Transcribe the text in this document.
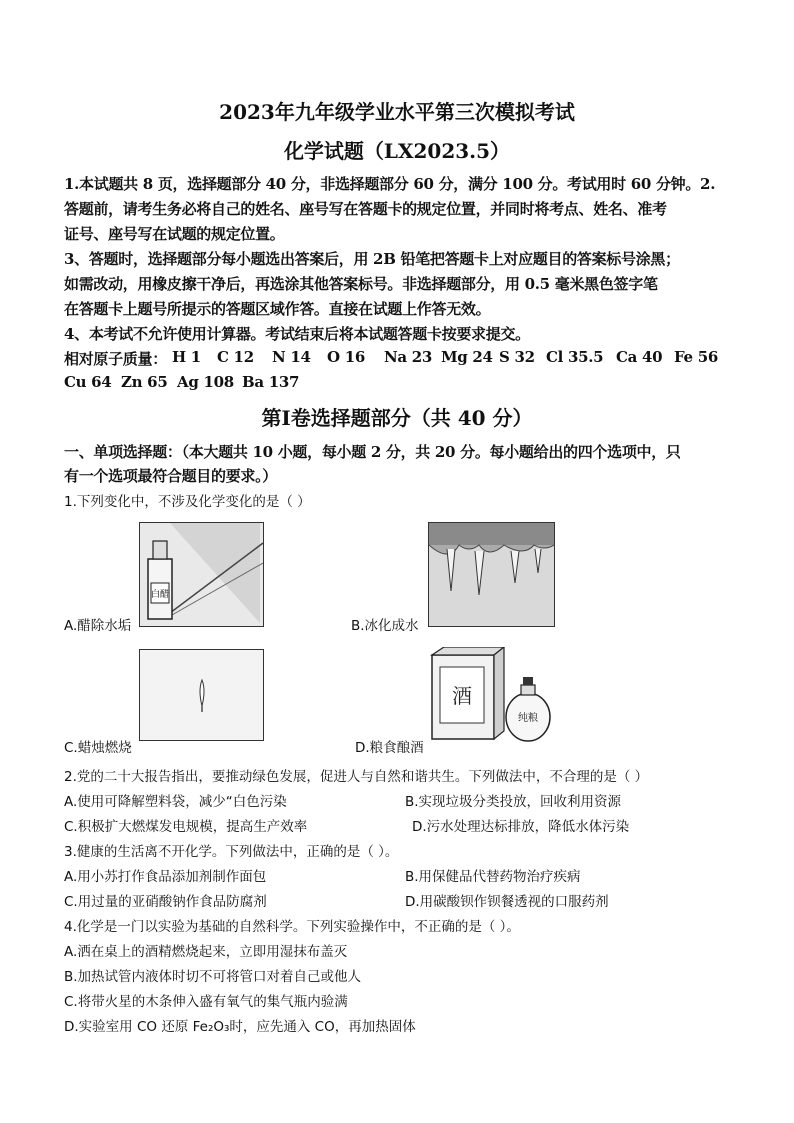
2023年九年级学业水平第三次模拟考试
化学试题（LX2023.5）
1.本试题共 8 页，选择题部分 40 分，非选择题部分 60 分，满分 100 分。考试用时 60 分钟。2.
答题前，请考生务必将自己的姓名、座号写在答题卡的规定位置，并同时将考点、姓名、准考
证号、座号写在试题的规定位置。
3、答题时，选择题部分每小题选出答案后，用 2B 铅笔把答题卡上对应题目的答案标号涂黑；
如需改动，用橡皮擦干净后，再选涂其他答案标号。非选择题部分，用 0.5 毫米黑色签字笔
在答题卡上题号所提示的答题区域作答。直接在试题上作答无效。
4、本考试不允许使用计算器。考试结束后将本试题答题卡按要求提交。
相对原子质量： H 1 C 12 N 14 O 16 Na 23 Mg 24 S 32 Cl 35.5 Ca 40 Fe 56
Cu 64 Zn 65 Ag 108 Ba 137
第Ⅰ卷选择题部分（共 40 分）
一、单项选择题：（本大题共 10 小题，每小题 2 分，共 20 分。每小题给出的四个选项中，只
有一个选项最符合题目的要求。）
1.下列变化中，不涉及化学变化的是（ ）
白醋
A.醋除水垢	B.冰化成水
C.蜡烛燃烧
酒
纯粮
D.粮食酿酒
2.党的二十大报告指出，要推动绿色发展，促进人与自然和谐共生。下列做法中，不合理的是（ ）
A.使用可降解塑料袋，减少“白色污染	B.实现垃圾分类投放，回收利用资源
C.积极扩大燃煤发电规模，提高生产效率	D.污水处理达标排放，降低水体污染
3.健康的生活离不开化学。下列做法中，正确的是（ ）。
A.用小苏打作食品添加剂制作面包	B.用保健品代替药物治疗疾病
C.用过量的亚硝酸钠作食品防腐剂	D.用碳酸钡作钡餐透视的口服药剂
4.化学是一门以实验为基础的自然科学。下列实验操作中，不正确的是（ ）。
A.洒在桌上的酒精燃烧起来，立即用湿抹布盖灭
B.加热试管内液体时切不可将管口对着自己或他人
C.将带火星的木条伸入盛有氧气的集气瓶内验满
D.实验室用 CO 还原 Fe₂O₃时，应先通入 CO，再加热固体
